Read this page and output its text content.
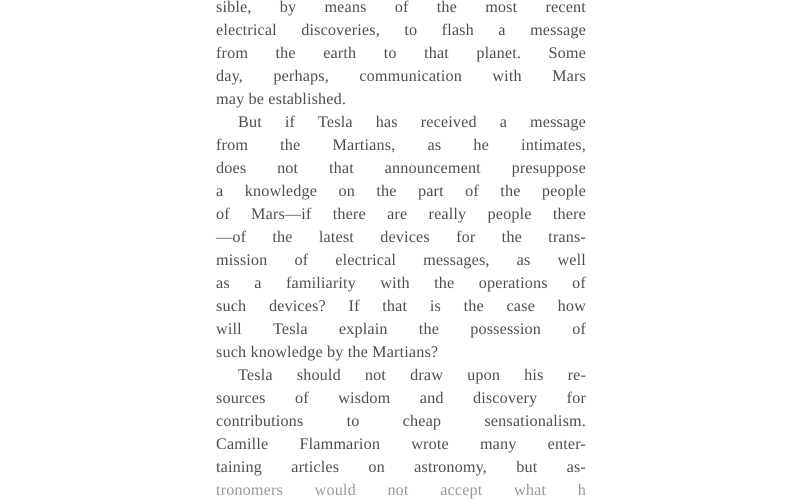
sible, by means of the most recent
electrical discoveries, to flash a message
from the earth to that planet. Some
day, perhaps, communication with Mars
may be established.
But if Tesla has received a message
from the Martians, as he intimates,
does not that announcement presuppose
a knowledge on the part of the people
of Mars—if there are really people there
—of the latest devices for the trans-
mission of electrical messages, as well
as a familiarity with the operations of
such devices? If that is the case how
will Tesla explain the possession of
such knowledge by the Martians?
Tesla should not draw upon his re-
sources of wisdom and discovery for
contributions	to	cheap	sensationalism.
Camille Flammarion wrote many enter-
taining articles on astronomy, but as-
tronomers would not accept what h
